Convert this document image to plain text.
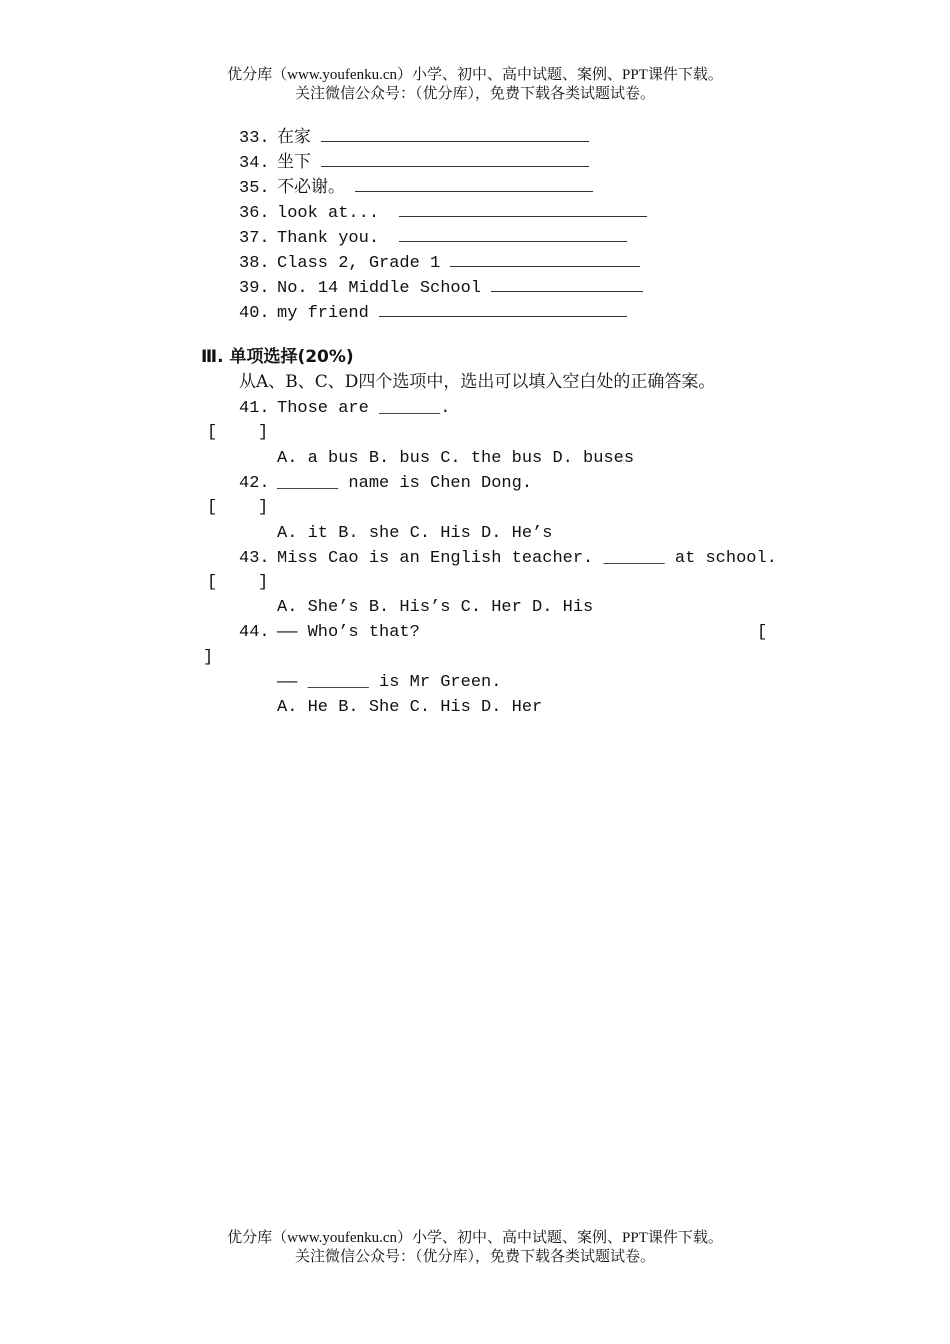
优分库（www.youfenku.cn）小学、初中、高中试题、案例、PPT课件下载。
关注微信公众号：（优分库），免费下载各类试题试卷。
33. 在家
34. 坐下
35. 不必谢。
36. look at...
37. Thank you.
38. Class 2, Grade 1
39. No. 14 Middle School
40. my friend
Ⅲ. 单项选择(20%)
从A、B、C、D四个选项中，选出可以填入空白处的正确答案。
41. Those are ______.
[    ]
A. a bus B. bus C. the bus D. buses
42. ______ name is Chen Dong.
[    ]
A. it B. she C. His D. He’s
43. Miss Cao is an English teacher. ______ at school.
[    ]
A. She’s B. His’s C. Her D. His
44. —— Who’s that?	[
]
—— ______ is Mr Green.
A. He B. She C. His D. Her
优分库（www.youfenku.cn）小学、初中、高中试题、案例、PPT课件下载。
关注微信公众号：（优分库），免费下载各类试题试卷。
